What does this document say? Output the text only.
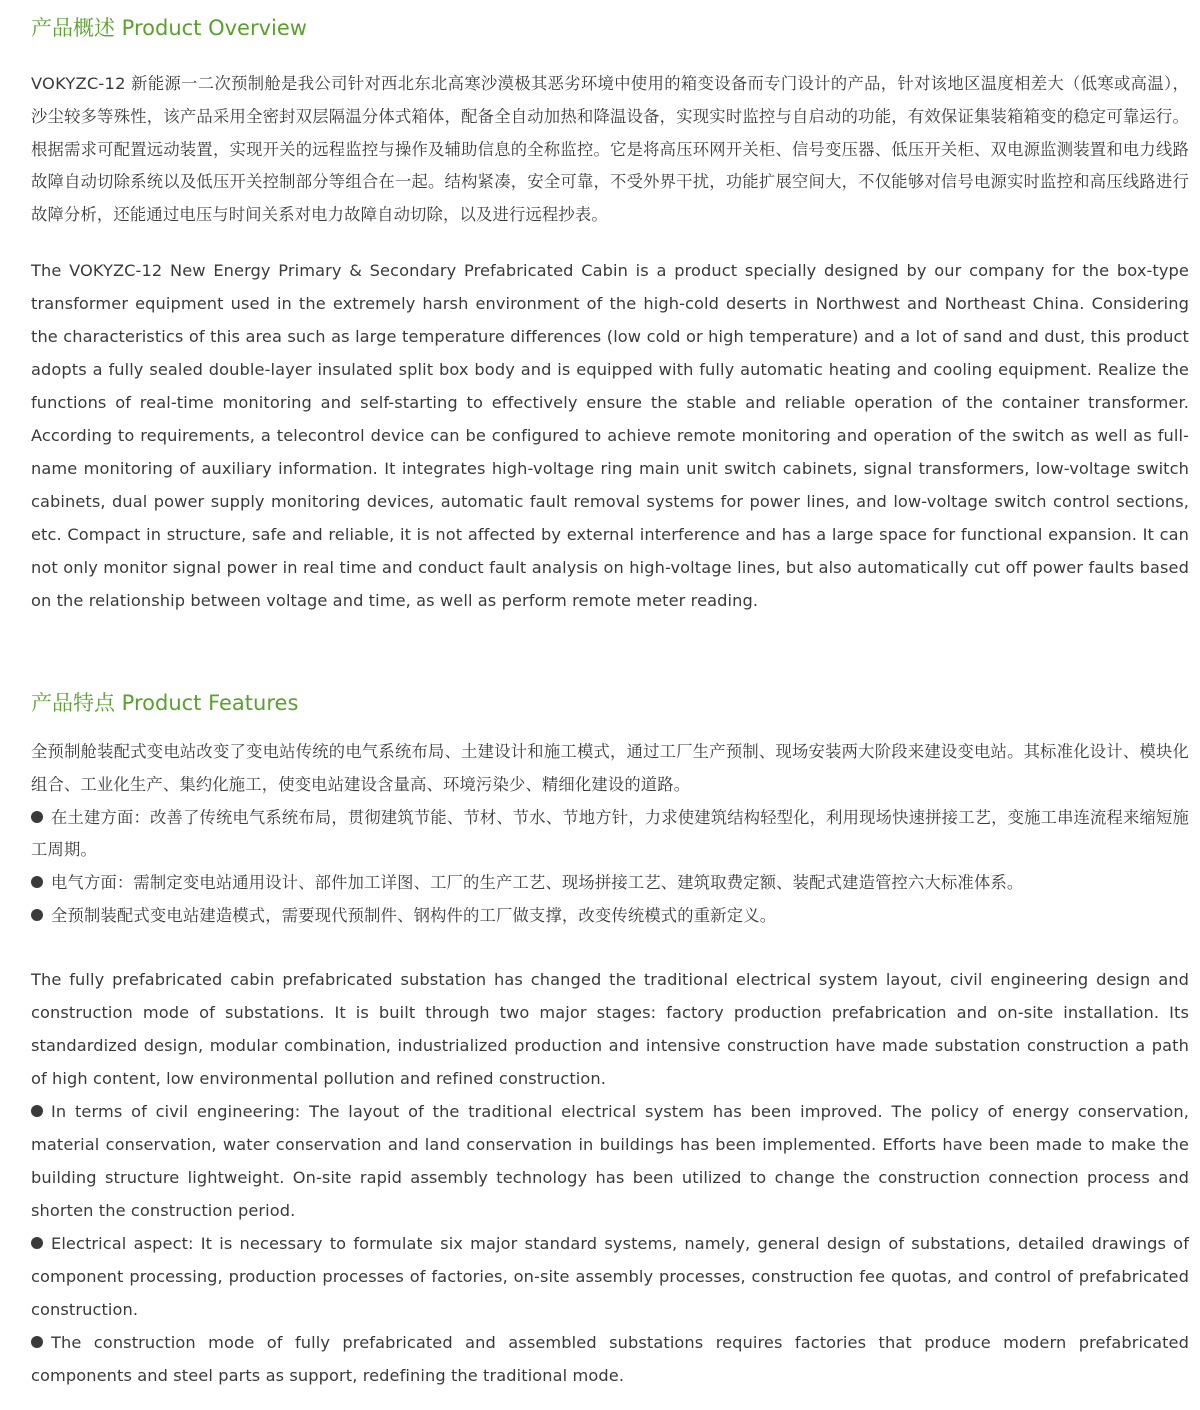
产品概述 Product Overview

VOKYZC-12 新能源一二次预制舱是我公司针对西北东北高寒沙漠极其恶劣环境中使用的箱变设备而专门设计的产品，针对该地区温度相差大（低寒或高温），沙尘较多等殊性，该产品采用全密封双层隔温分体式箱体，配备全自动加热和降温设备，实现实时监控与自启动的功能，有效保证集装箱箱变的稳定可靠运行。根据需求可配置远动装置，实现开关的远程监控与操作及辅助信息的全称监控。它是将高压环网开关柜、信号变压器、低压开关柜、双电源监测装置和电力线路故障自动切除系统以及低压开关控制部分等组合在一起。结构紧凑，安全可靠，不受外界干扰，功能扩展空间大，不仅能够对信号电源实时监控和高压线路进行故障分析，还能通过电压与时间关系对电力故障自动切除，以及进行远程抄表。

The VOKYZC-12 New Energy Primary & Secondary Prefabricated Cabin is a product specially designed by our company for the box-type transformer equipment used in the extremely harsh environment of the high-cold deserts in Northwest and Northeast China. Considering the characteristics of this area such as large temperature differences (low cold or high temperature) and a lot of sand and dust, this product adopts a fully sealed double-layer insulated split box body and is equipped with fully automatic heating and cooling equipment. Realize the functions of real-time monitoring and self-starting to effectively ensure the stable and reliable operation of the container transformer. According to requirements, a telecontrol device can be configured to achieve remote monitoring and operation of the switch as well as full-name monitoring of auxiliary information. It integrates high-voltage ring main unit switch cabinets, signal transformers, low-voltage switch cabinets, dual power supply monitoring devices, automatic fault removal systems for power lines, and low-voltage switch control sections, etc. Compact in structure, safe and reliable, it is not affected by external interference and has a large space for functional expansion. It can not only monitor signal power in real time and conduct fault analysis on high-voltage lines, but also automatically cut off power faults based on the relationship between voltage and time, as well as perform remote meter reading.

产品特点 Product Features
全预制舱装配式变电站改变了变电站传统的电气系统布局、土建设计和施工模式，通过工厂生产预制、现场安装两大阶段来建设变电站。其标准化设计、模块化组合、工业化生产、集约化施工，使变电站建设含量高、环境污染少、精细化建设的道路。
在土建方面：改善了传统电气系统布局，贯彻建筑节能、节材、节水、节地方针，力求使建筑结构轻型化，利用现场快速拼接工艺，变施工串连流程来缩短施工周期。
电气方面：需制定变电站通用设计、部件加工详图、工厂的生产工艺、现场拼接工艺、建筑取费定额、装配式建造管控六大标准体系。
全预制装配式变电站建造模式，需要现代预制件、钢构件的工厂做支撑，改变传统模式的重新定义。
The fully prefabricated cabin prefabricated substation has changed the traditional electrical system layout, civil engineering design and construction mode of substations. It is built through two major stages: factory production prefabrication and on-site installation. Its standardized design, modular combination, industrialized production and intensive construction have made substation construction a path of high content, low environmental pollution and refined construction.
In terms of civil engineering: The layout of the traditional electrical system has been improved. The policy of energy conservation, material conservation, water conservation and land conservation in buildings has been implemented. Efforts have been made to make the building structure lightweight. On-site rapid assembly technology has been utilized to change the construction connection process and shorten the construction period.
Electrical aspect: It is necessary to formulate six major standard systems, namely, general design of substations, detailed drawings of component processing, production processes of factories, on-site assembly processes, construction fee quotas, and control of prefabricated construction.
The construction mode of fully prefabricated and assembled substations requires factories that produce modern prefabricated components and steel parts as support, redefining the traditional mode.
